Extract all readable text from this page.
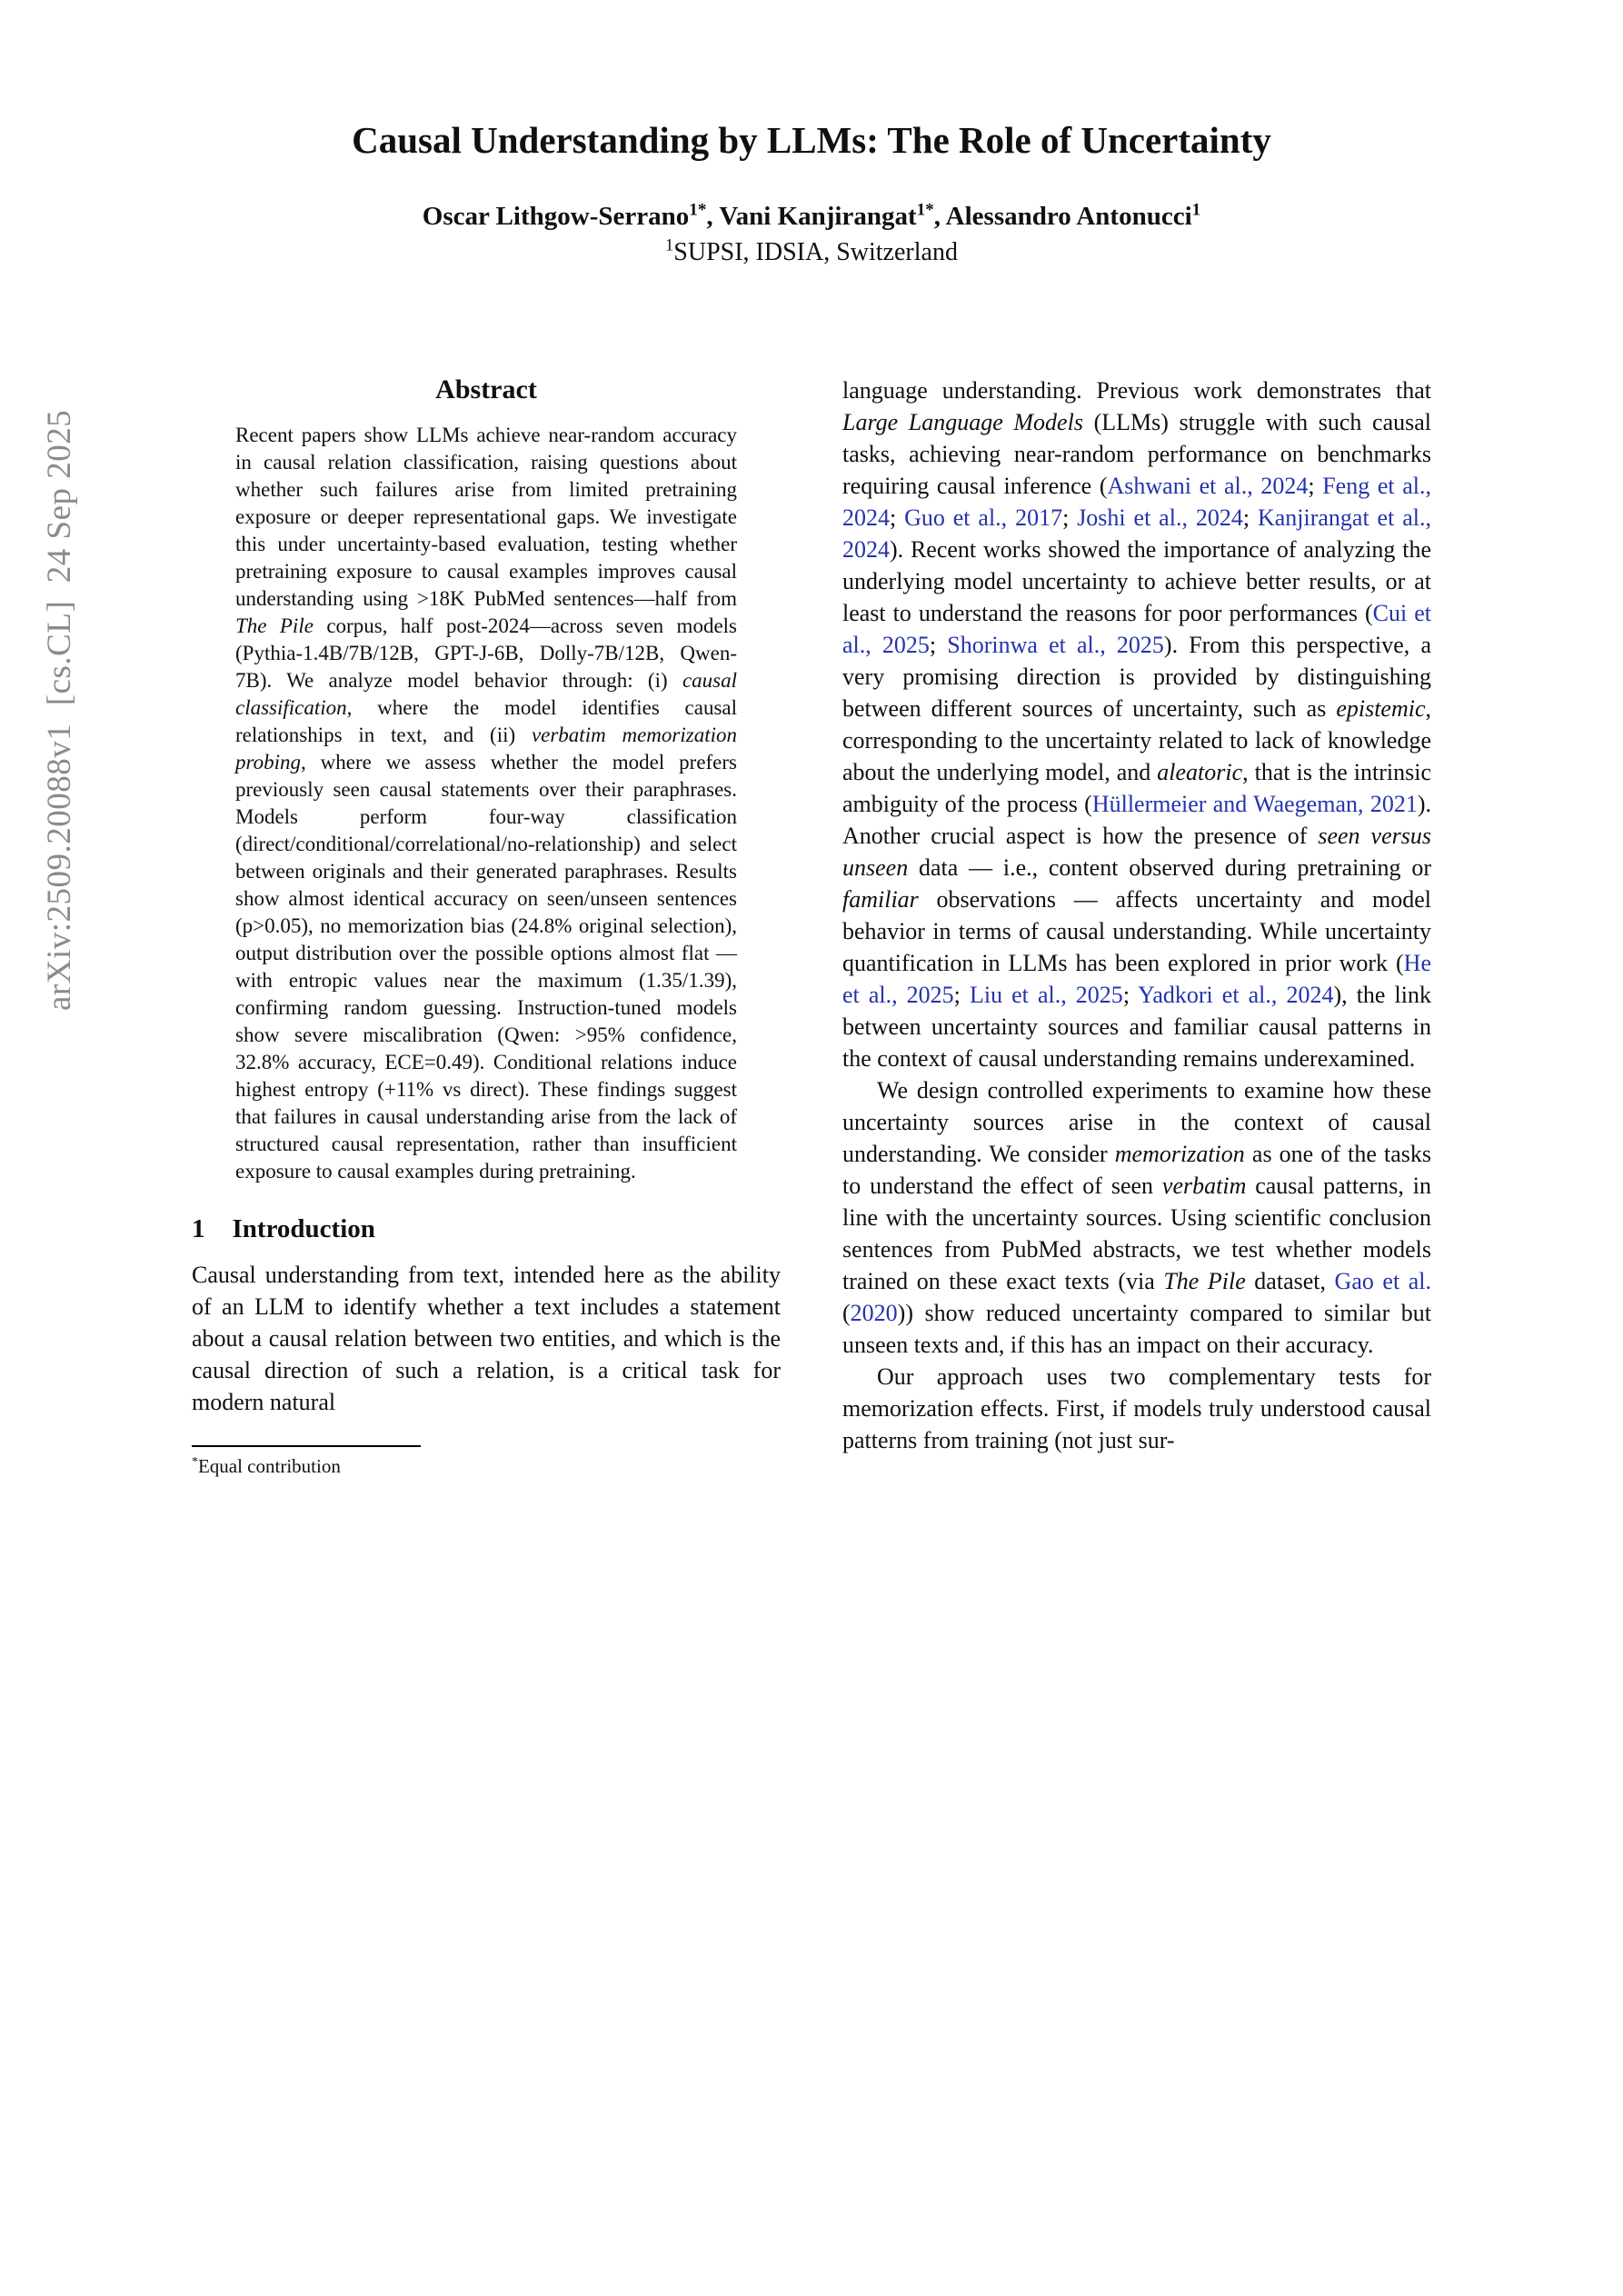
arXiv:2509.20088v1  [cs.CL]  24 Sep 2025
Causal Understanding by LLMs: The Role of Uncertainty
Oscar Lithgow-Serrano$^{1*}$, Vani Kanjirangat$^{1*}$, Alessandro Antonucci$^1$
$^1$SUPSI, IDSIA, Switzerland
Abstract

Recent papers show LLMs achieve near-random accuracy in causal relation classification, raising questions about whether such failures arise from limited pretraining exposure or deeper representational gaps. We investigate this under uncertainty-based evaluation, testing whether pretraining exposure to causal examples improves causal understanding using >18K PubMed sentences—half from The Pile corpus, half post-2024—across seven models (Pythia-1.4B/7B/12B, GPT-J-6B, Dolly-7B/12B, Qwen-7B). We analyze model behavior through: (i) causal classification, where the model identifies causal relationships in text, and (ii) verbatim memorization probing, where we assess whether the model prefers previously seen causal statements over their paraphrases. Models perform four-way classification (direct/conditional/correlational/no-relationship) and select between originals and their generated paraphrases. Results show almost identical accuracy on seen/unseen sentences (p>0.05), no memorization bias (24.8% original selection), output distribution over the possible options almost flat — with entropic values near the maximum (1.35/1.39), confirming random guessing. Instruction-tuned models show severe miscalibration (Qwen: >95% confidence, 32.8% accuracy, ECE=0.49). Conditional relations induce highest entropy (+11% vs direct). These findings suggest that failures in causal understanding arise from the lack of structured causal representation, rather than insufficient exposure to causal examples during pretraining.

1 Introduction

Causal understanding from text, intended here as the ability of an LLM to identify whether a text includes a statement about a causal relation between two entities, and which is the causal direction of such a relation, is a critical task for modern natural

*Equal contribution

language understanding. Previous work demonstrates that Large Language Models (LLMs) struggle with such causal tasks, achieving near-random performance on benchmarks requiring causal inference (Ashwani et al., 2024; Feng et al., 2024; Guo et al., 2017; Joshi et al., 2024; Kanjirangat et al., 2024). Recent works showed the importance of analyzing the underlying model uncertainty to achieve better results, or at least to understand the reasons for poor performances (Cui et al., 2025; Shorinwa et al., 2025). From this perspective, a very promising direction is provided by distinguishing between different sources of uncertainty, such as epistemic, corresponding to the uncertainty related to lack of knowledge about the underlying model, and aleatoric, that is the intrinsic ambiguity of the process (Hüllermeier and Waegeman, 2021). Another crucial aspect is how the presence of seen versus unseen data — i.e., content observed during pretraining or familiar observations — affects uncertainty and model behavior in terms of causal understanding. While uncertainty quantification in LLMs has been explored in prior work (He et al., 2025; Liu et al., 2025; Yadkori et al., 2024), the link between uncertainty sources and familiar causal patterns in the context of causal understanding remains underexamined.

We design controlled experiments to examine how these uncertainty sources arise in the context of causal understanding. We consider memorization as one of the tasks to understand the effect of seen verbatim causal patterns, in line with the uncertainty sources. Using scientific conclusion sentences from PubMed abstracts, we test whether models trained on these exact texts (via The Pile dataset, Gao et al. (2020)) show reduced uncertainty compared to similar but unseen texts and, if this has an impact on their accuracy.

Our approach uses two complementary tests for memorization effects. First, if models truly understood causal patterns from training (not just sur-
